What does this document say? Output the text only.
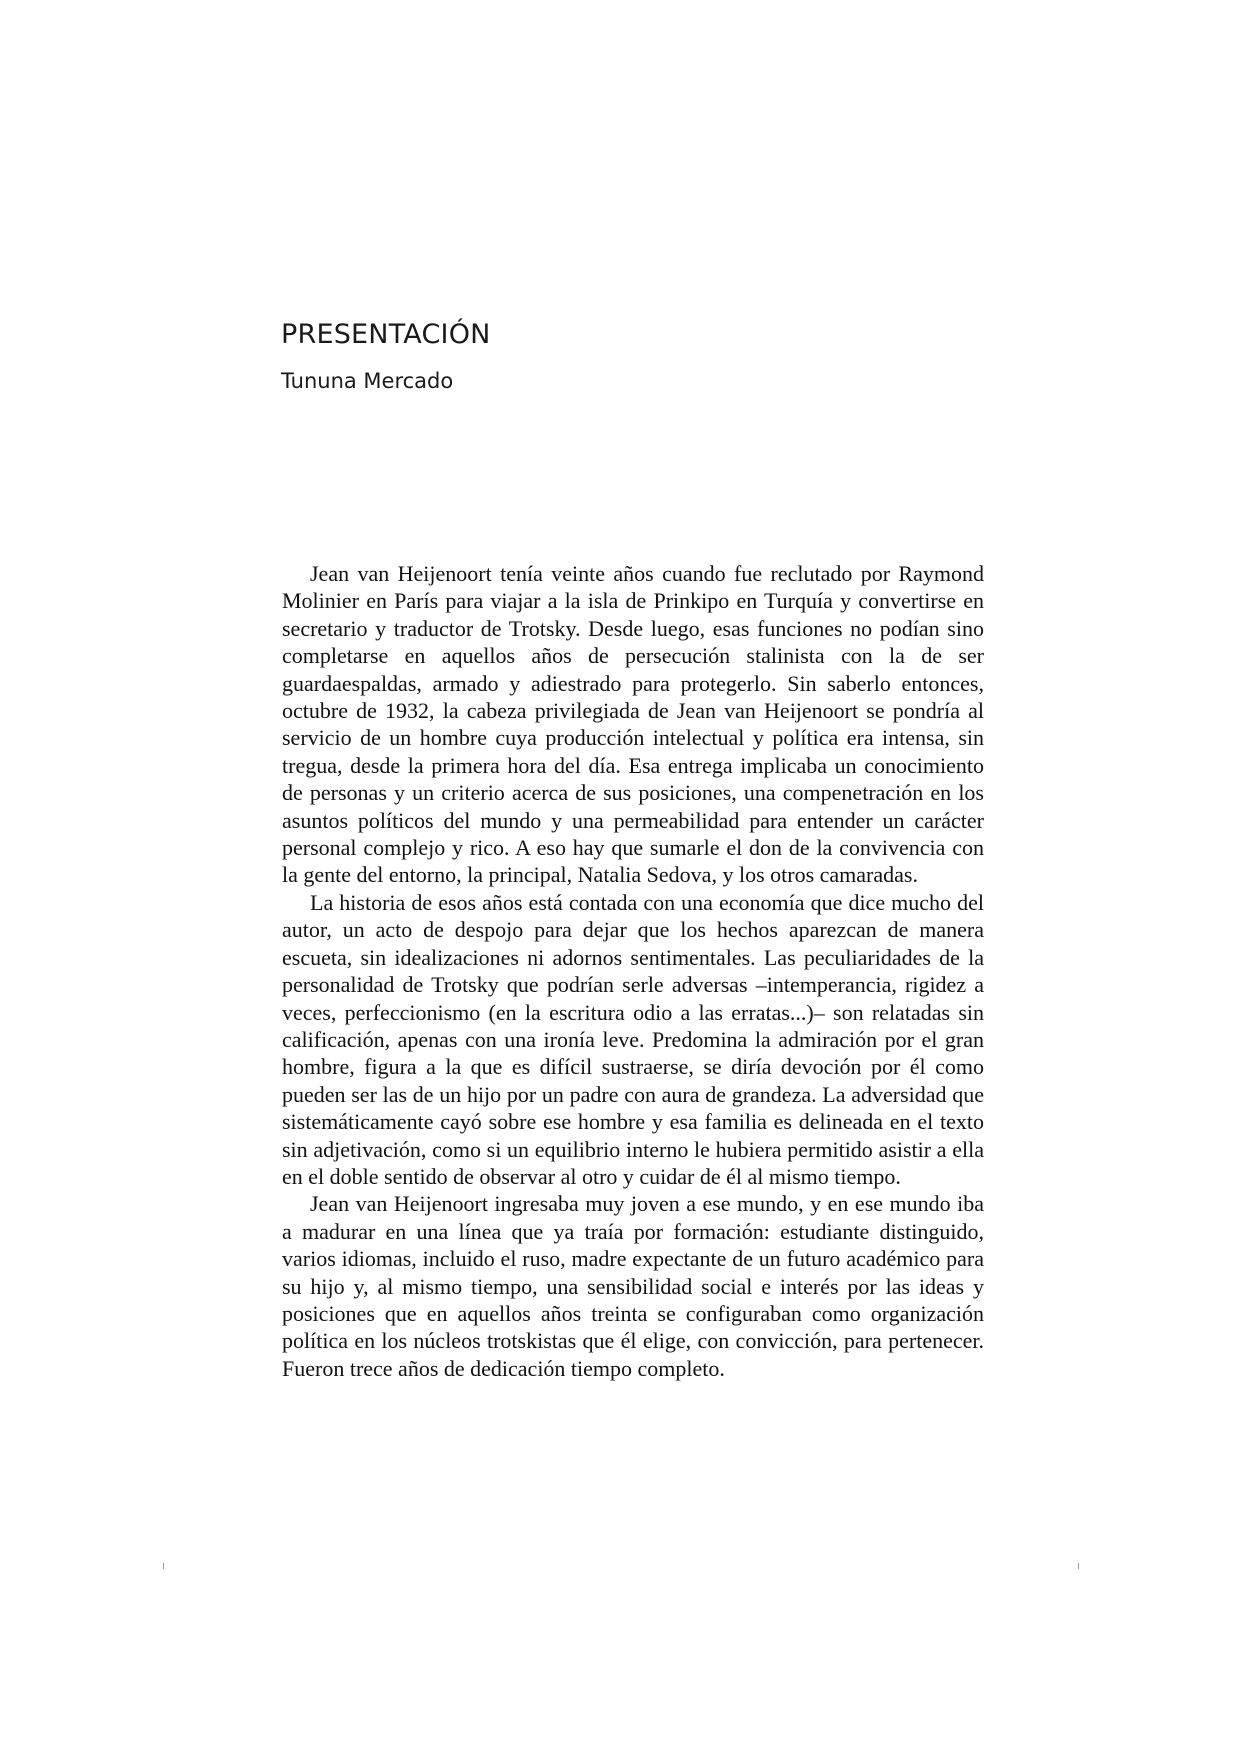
PRESENTACIÓN
Tununa Mercado

Jean van Heijenoort tenía veinte años cuando fue reclutado por Raymond Molinier en París para viajar a la isla de Prinkipo en Turquía y convertirse en secretario y traductor de Trotsky. Desde luego, esas funciones no podían sino completarse en aquellos años de persecución stalinista con la de ser guardaespaldas, armado y adiestrado para protegerlo. Sin saberlo entonces, octubre de 1932, la cabeza privilegiada de Jean van Heijenoort se pondría al servicio de un hombre cuya producción intelectual y política era intensa, sin tregua, desde la primera hora del día. Esa entrega implicaba un conocimiento de personas y un criterio acerca de sus posiciones, una compenetración en los asuntos políticos del mundo y una permeabilidad para entender un carácter personal complejo y rico. A eso hay que sumarle el don de la convivencia con la gente del entorno, la principal, Natalia Sedova, y los otros camaradas.

La historia de esos años está contada con una economía que dice mucho del autor, un acto de despojo para dejar que los hechos aparezcan de manera escueta, sin idealizaciones ni adornos sentimentales. Las peculiaridades de la personalidad de Trotsky que podrían serle adversas –intemperancia, rigidez a veces, perfeccionismo (en la escritura odio a las erratas...)– son relatadas sin calificación, apenas con una ironía leve. Predomina la admiración por el gran hombre, figura a la que es difícil sustraerse, se diría devoción por él como pueden ser las de un hijo por un padre con aura de grandeza. La adversidad que sistemáticamente cayó sobre ese hombre y esa familia es delineada en el texto sin adjetivación, como si un equilibrio interno le hubiera permitido asistir a ella en el doble sentido de observar al otro y cuidar de él al mismo tiempo.

Jean van Heijenoort ingresaba muy joven a ese mundo, y en ese mundo iba a madurar en una línea que ya traía por formación: estudiante distinguido, varios idiomas, incluido el ruso, madre expectante de un futuro académico para su hijo y, al mismo tiempo, una sensibilidad social e interés por las ideas y posiciones que en aquellos años treinta se configuraban como organización política en los núcleos trotskistas que él elige, con convicción, para pertenecer. Fueron trece años de dedicación tiempo completo.
